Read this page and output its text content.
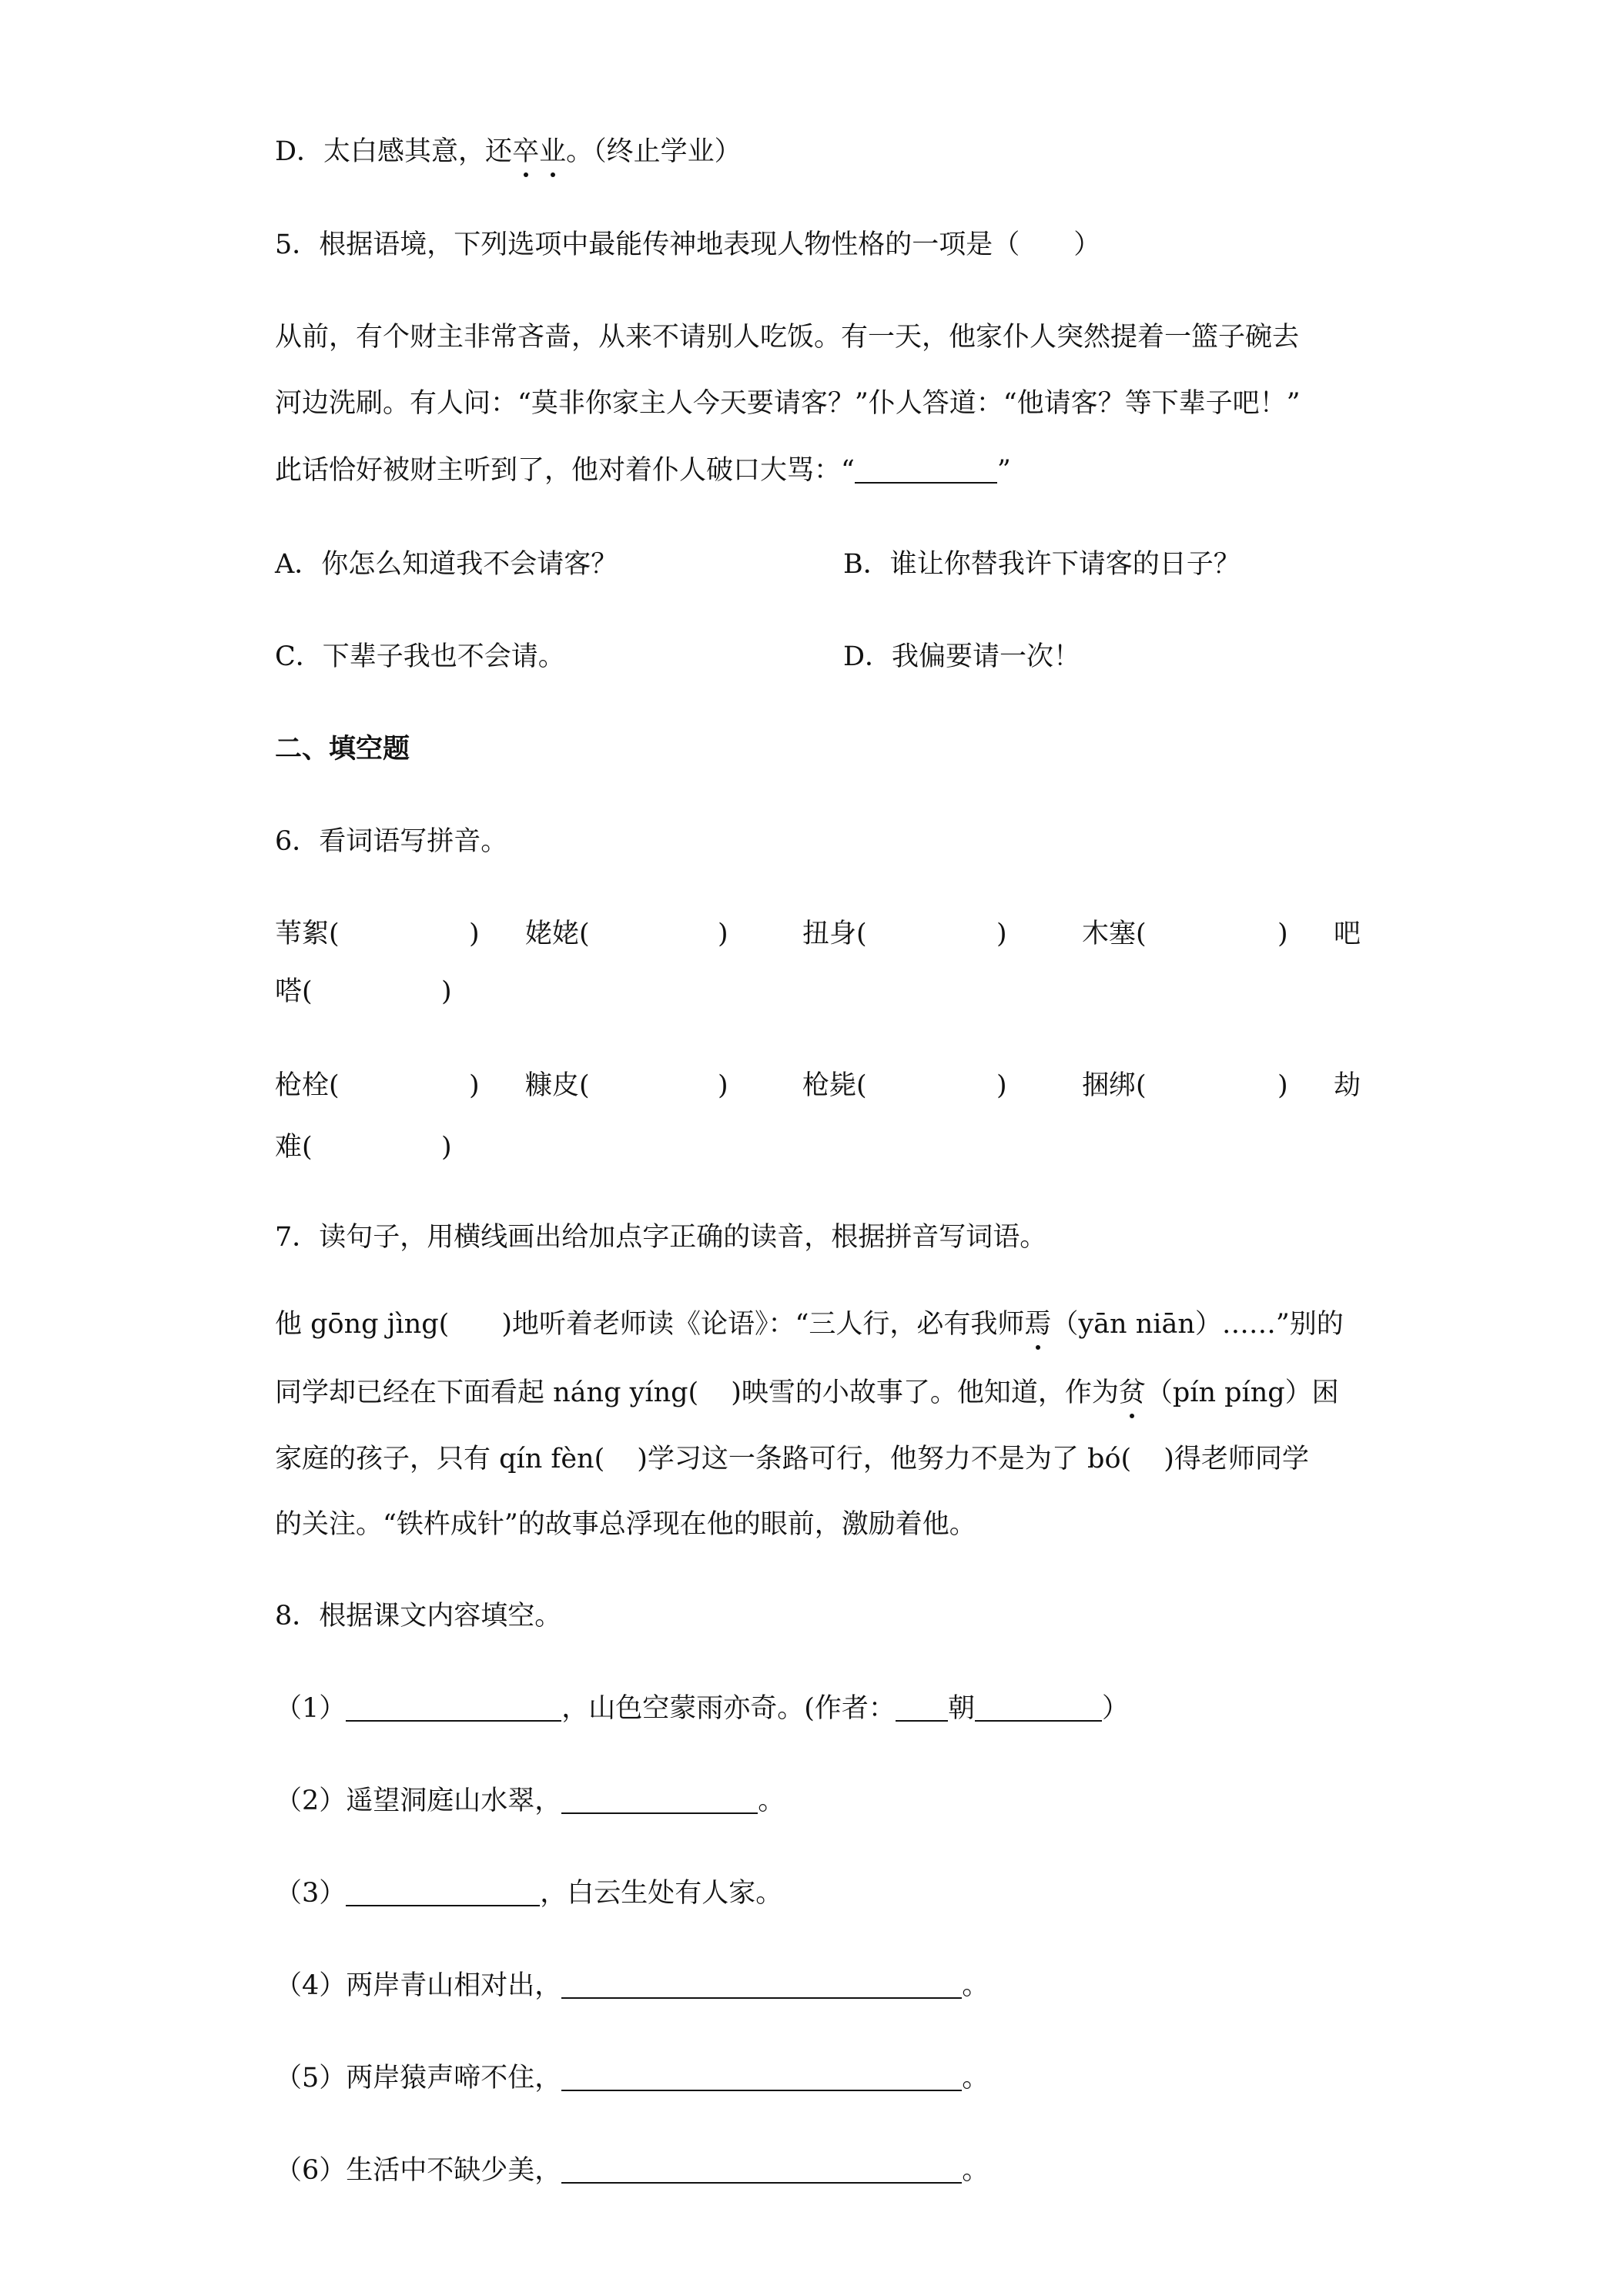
D．太白感其意，还卒业。（终止学业）
5．根据语境，下列选项中最能传神地表现人物性格的一项是（　　）
从前，有个财主非常吝啬，从来不请别人吃饭。有一天，他家仆人突然提着一篮子碗去
河边洗刷。有人问：“莫非你家主人今天要请客？”仆人答道：“他请客？等下辈子吧！”
此话恰好被财主听到了，他对着仆人破口大骂：“	”
A．你怎么知道我不会请客？	B．谁让你替我许下请客的日子？
C．下辈子我也不会请。	D．我偏要请一次！
二、填空题
6．看词语写拼音。
苇絮(	) 姥姥(	)	扭身(	)	木塞(	) 吧
嗒(	)
枪栓(	) 糠皮(	)	枪毙(	)	捆绑(	) 劫
难(	)
7．读句子，用横线画出给加点字正确的读音，根据拼音写词语。
他 gōng jìng( )地听着老师读《论语》：“三人行，必有我师焉（yān niān）……”别的
同学却已经在下面看起 náng yíng( )映雪的小故事了。他知道，作为贫（pín píng）困
家庭的孩子，只有 qín fèn( )学习这一条路可行，他努力不是为了 bó( )得老师同学
的关注。“铁杵成针”的故事总浮现在他的眼前，激励着他。
8．根据课文内容填空。
（1）	，山色空蒙雨亦奇。(作者： 朝	）
（2）遥望洞庭山水翠，	。
（3）	，白云生处有人家。
（4）两岸青山相对出，	。
（5）两岸猿声啼不住，	。
（6）生活中不缺少美，	。
